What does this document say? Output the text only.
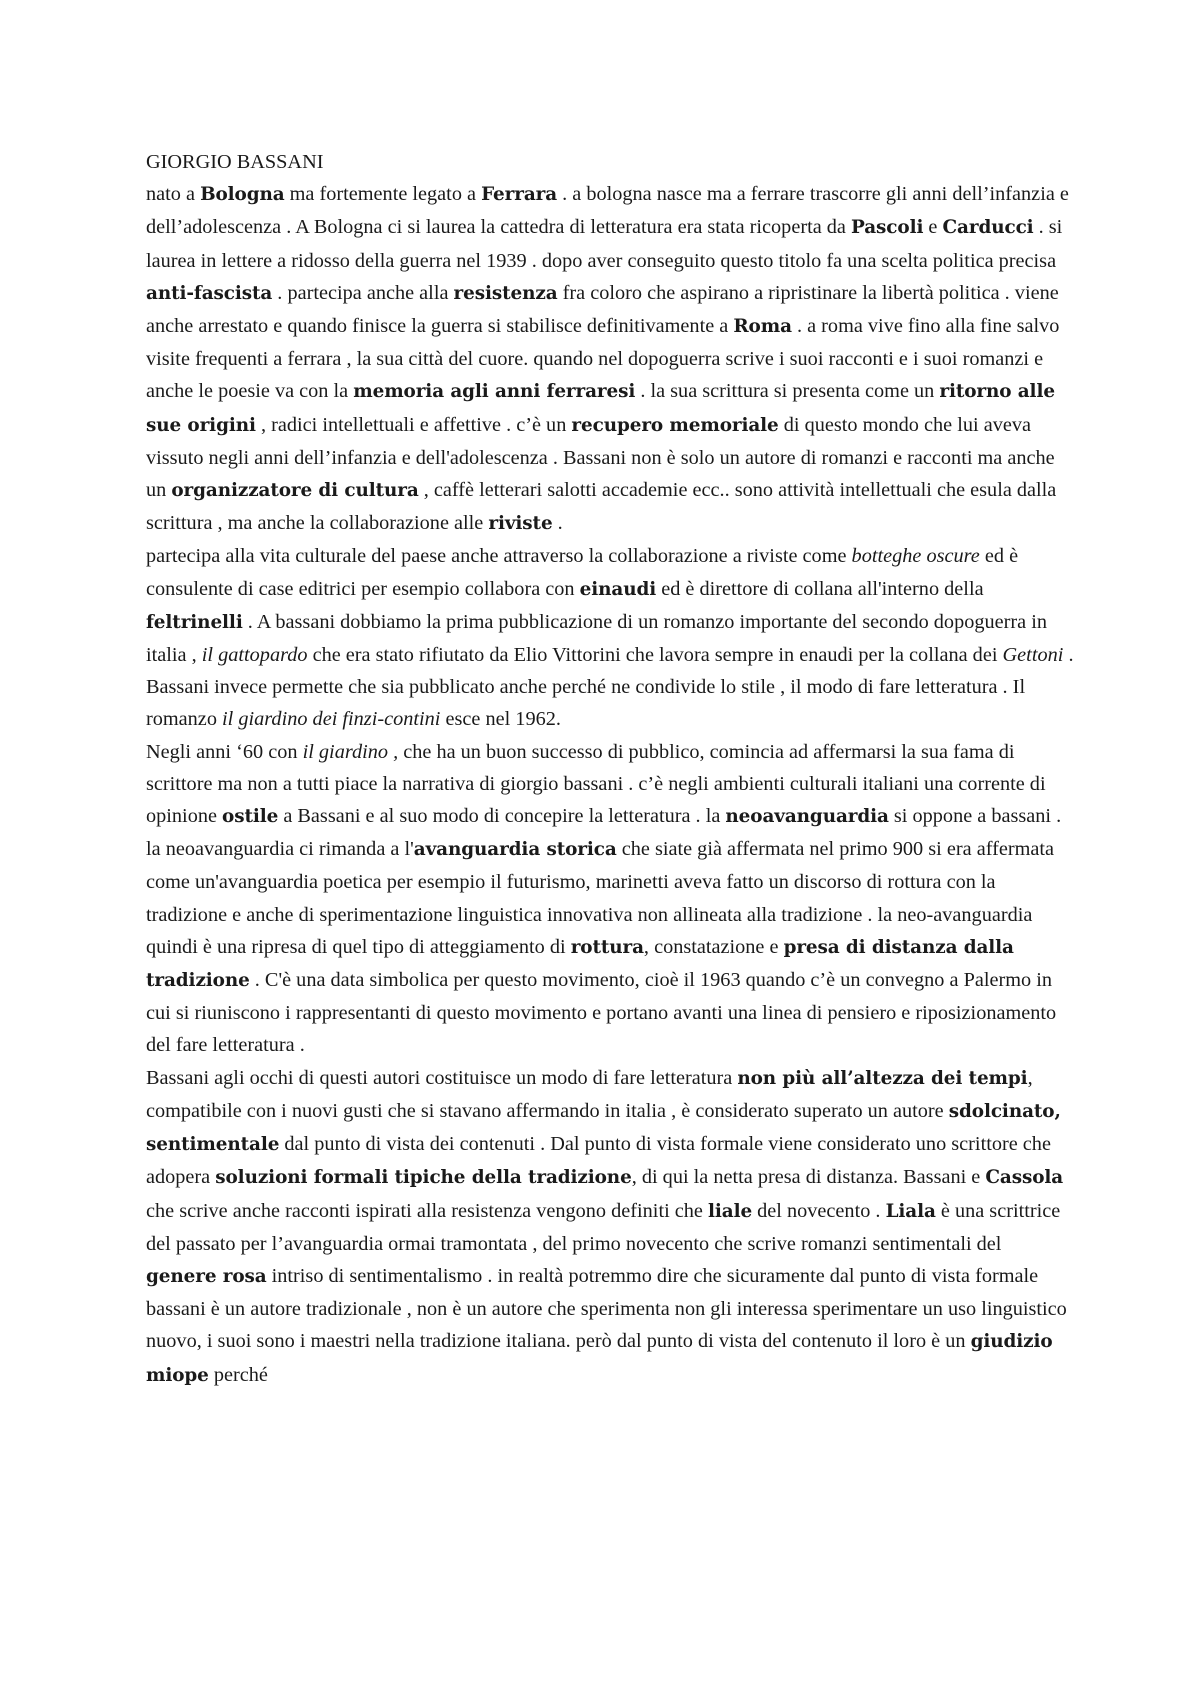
GIORGIO BASSANI

nato a Bologna ma fortemente legato a Ferrara . a bologna nasce ma a ferrare trascorre gli anni dell’infanzia e dell’adolescenza . A Bologna ci si laurea la cattedra di letteratura era stata ricoperta da Pascoli e Carducci . si laurea in lettere a ridosso della guerra nel 1939 . dopo aver conseguito questo titolo fa una scelta politica precisa anti-fascista . partecipa anche alla resistenza fra coloro che aspirano a ripristinare la libertà politica . viene anche arrestato e quando finisce la guerra si stabilisce definitivamente a Roma . a roma vive fino alla fine salvo visite frequenti a ferrara , la sua città del cuore. quando nel dopoguerra scrive i suoi racconti e i suoi romanzi e anche le poesie va con la memoria agli anni ferraresi . la sua scrittura si presenta come un ritorno alle sue origini , radici intellettuali e affettive . c’è un recupero memoriale di questo mondo che lui aveva vissuto negli anni dell’infanzia e dell'adolescenza . Bassani non è solo un autore di romanzi e racconti ma anche un organizzatore di cultura , caffè letterari salotti accademie ecc.. sono attività intellettuali che esula dalla scrittura , ma anche la collaborazione alle riviste .

partecipa alla vita culturale del paese anche attraverso la collaborazione a riviste come botteghe oscure ed è consulente di case editrici per esempio collabora con einaudi ed è direttore di collana all'interno della feltrinelli . A bassani dobbiamo la prima pubblicazione di un romanzo importante del secondo dopoguerra in italia , il gattopardo che era stato rifiutato da Elio Vittorini che lavora sempre in enaudi per la collana dei Gettoni . Bassani invece permette che sia pubblicato anche perché ne condivide lo stile , il modo di fare letteratura . Il romanzo il giardino dei finzi-contini esce nel 1962.

Negli anni ‘60 con il giardino , che ha un buon successo di pubblico, comincia ad affermarsi la sua fama di scrittore ma non a tutti piace la narrativa di giorgio bassani . c’è negli ambienti culturali italiani una corrente di opinione ostile a Bassani e al suo modo di concepire la letteratura . la neoavanguardia si oppone a bassani . la neoavanguardia ci rimanda a l'avanguardia storica che siate già affermata nel primo 900 si era affermata come un'avanguardia poetica per esempio il futurismo, marinetti aveva fatto un discorso di rottura con la tradizione e anche di sperimentazione linguistica innovativa non allineata alla tradizione . la neo-avanguardia quindi è una ripresa di quel tipo di atteggiamento di rottura, constatazione e presa di distanza dalla tradizione . C'è una data simbolica per questo movimento, cioè il 1963 quando c’è un convegno a Palermo in cui si riuniscono i rappresentanti di questo movimento e portano avanti una linea di pensiero e riposizionamento del fare letteratura .

Bassani agli occhi di questi autori costituisce un modo di fare letteratura non più all’altezza dei tempi, compatibile con i nuovi gusti che si stavano affermando in italia , è considerato superato un autore sdolcinato, sentimentale dal punto di vista dei contenuti . Dal punto di vista formale viene considerato uno scrittore che adopera soluzioni formali tipiche della tradizione, di qui la netta presa di distanza. Bassani e Cassola che scrive anche racconti ispirati alla resistenza vengono definiti che liale del novecento . Liala è una scrittrice del passato per l’avanguardia ormai tramontata , del primo novecento che scrive romanzi sentimentali del genere rosa intriso di sentimentalismo . in realtà potremmo dire che sicuramente dal punto di vista formale bassani è un autore tradizionale , non è un autore che sperimenta non gli interessa sperimentare un uso linguistico nuovo, i suoi sono i maestri nella tradizione italiana. però dal punto di vista del contenuto il loro è un giudizio miope perché
